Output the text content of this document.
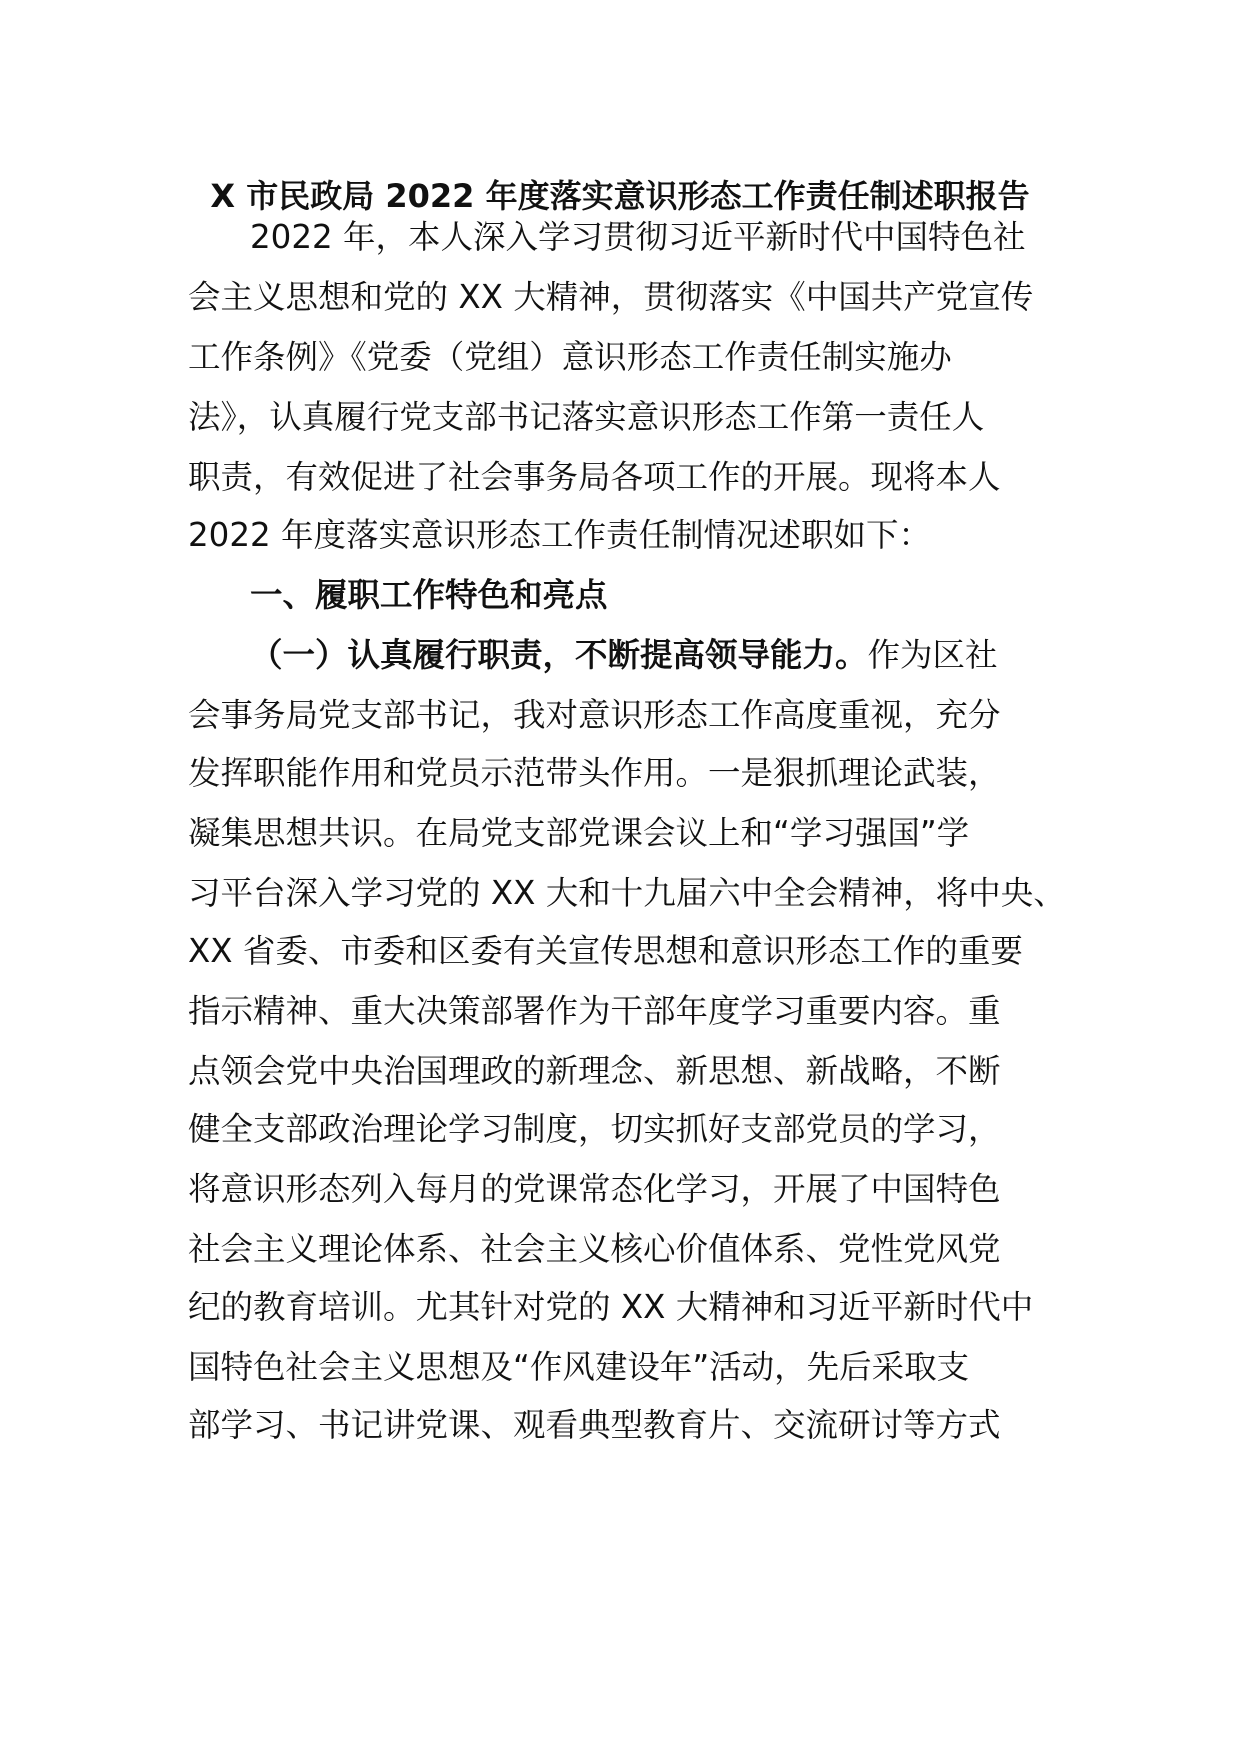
X 市民政局 2022 年度落实意识形态工作责任制述职报告
2022 年，本人深入学习贯彻习近平新时代中国特色社
会主义思想和党的 XX 大精神，贯彻落实《中国共产党宣传
工作条例》《党委（党组）意识形态工作责任制实施办
法》，认真履行党支部书记落实意识形态工作第一责任人
职责，有效促进了社会事务局各项工作的开展。现将本人
2022 年度落实意识形态工作责任制情况述职如下：
一、履职工作特色和亮点
（一）认真履行职责，不断提高领导能力。作为区社
会事务局党支部书记，我对意识形态工作高度重视，充分
发挥职能作用和党员示范带头作用。一是狠抓理论武装，
凝集思想共识。在局党支部党课会议上和“学习强国”学
习平台深入学习党的 XX 大和十九届六中全会精神，将中央、
XX 省委、市委和区委有关宣传思想和意识形态工作的重要
指示精神、重大决策部署作为干部年度学习重要内容。重
点领会党中央治国理政的新理念、新思想、新战略，不断
健全支部政治理论学习制度，切实抓好支部党员的学习，
将意识形态列入每月的党课常态化学习，开展了中国特色
社会主义理论体系、社会主义核心价值体系、党性党风党
纪的教育培训。尤其针对党的 XX 大精神和习近平新时代中
国特色社会主义思想及“作风建设年”活动，先后采取支
部学习、书记讲党课、观看典型教育片、交流研讨等方式
